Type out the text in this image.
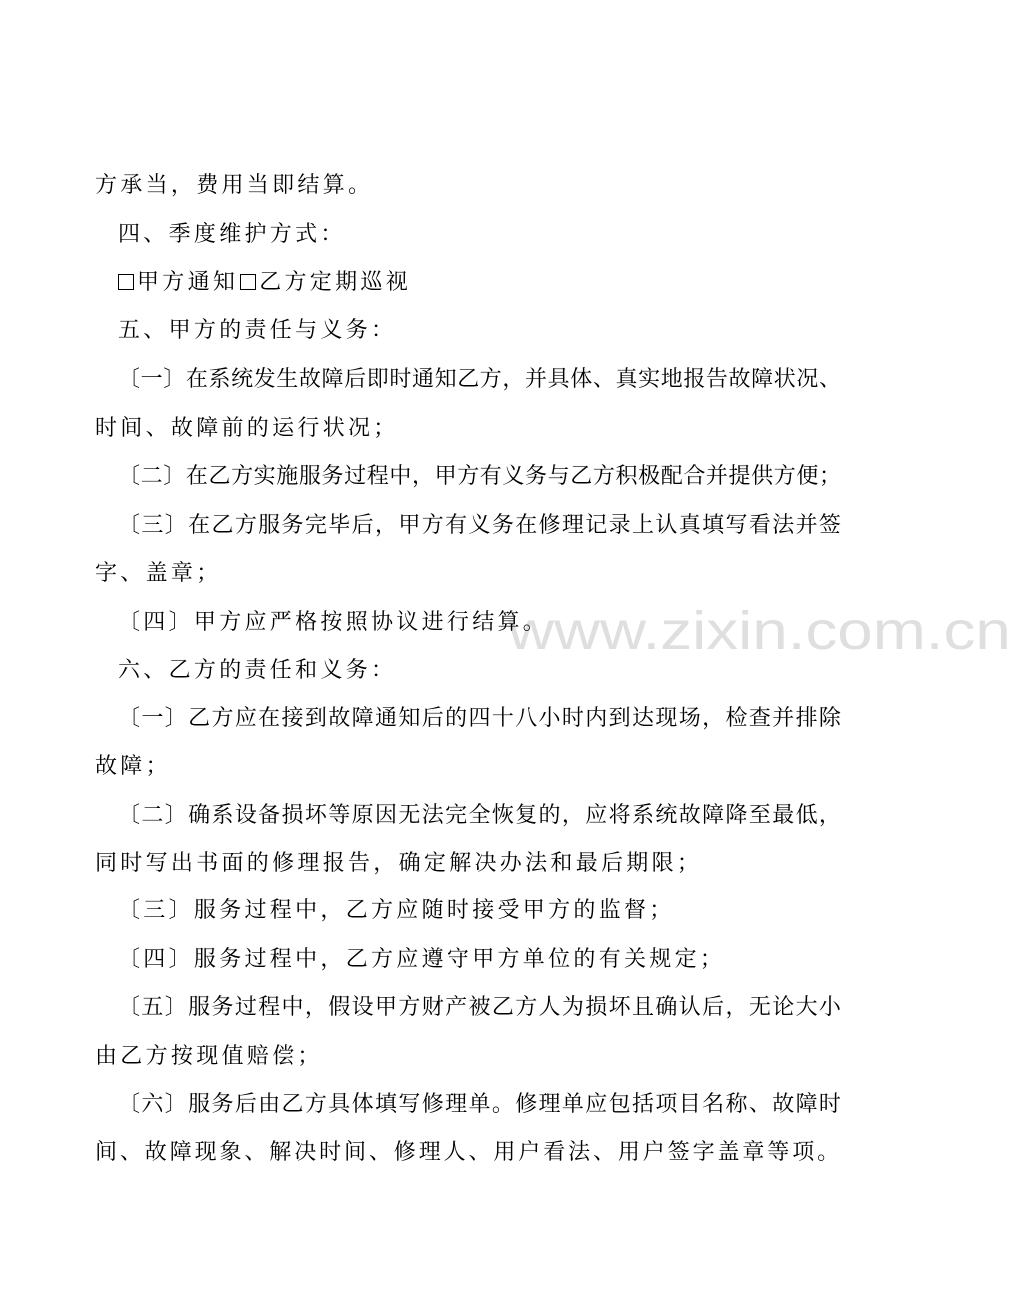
www.zixin.com.cn
方承当，费用当即结算。
四、季度维护方式：
甲方通知 乙方定期巡视
五、甲方的责任与义务：
〔一〕在系统发生故障后即时通知乙方，并具体、真实地报告故障状况、
时间、故障前的运行状况；
〔二〕在乙方实施服务过程中，甲方有义务与乙方积极配合并提供方便；
〔三〕在乙方服务完毕后，甲方有义务在修理记录上认真填写看法并签
字、盖章；
〔四〕甲方应严格按照协议进行结算。
六、乙方的责任和义务：
〔一〕乙方应在接到故障通知后的四十八小时内到达现场，检查并排除
故障；
〔二〕确系设备损坏等原因无法完全恢复的，应将系统故障降至最低，
同时写出书面的修理报告，确定解决办法和最后期限；
〔三〕服务过程中，乙方应随时接受甲方的监督；
〔四〕服务过程中，乙方应遵守甲方单位的有关规定；
〔五〕服务过程中，假设甲方财产被乙方人为损坏且确认后，无论大小
由乙方按现值赔偿；
〔六〕服务后由乙方具体填写修理单。修理单应包括项目名称、故障时
间、故障现象、解决时间、修理人、用户看法、用户签字盖章等项。
